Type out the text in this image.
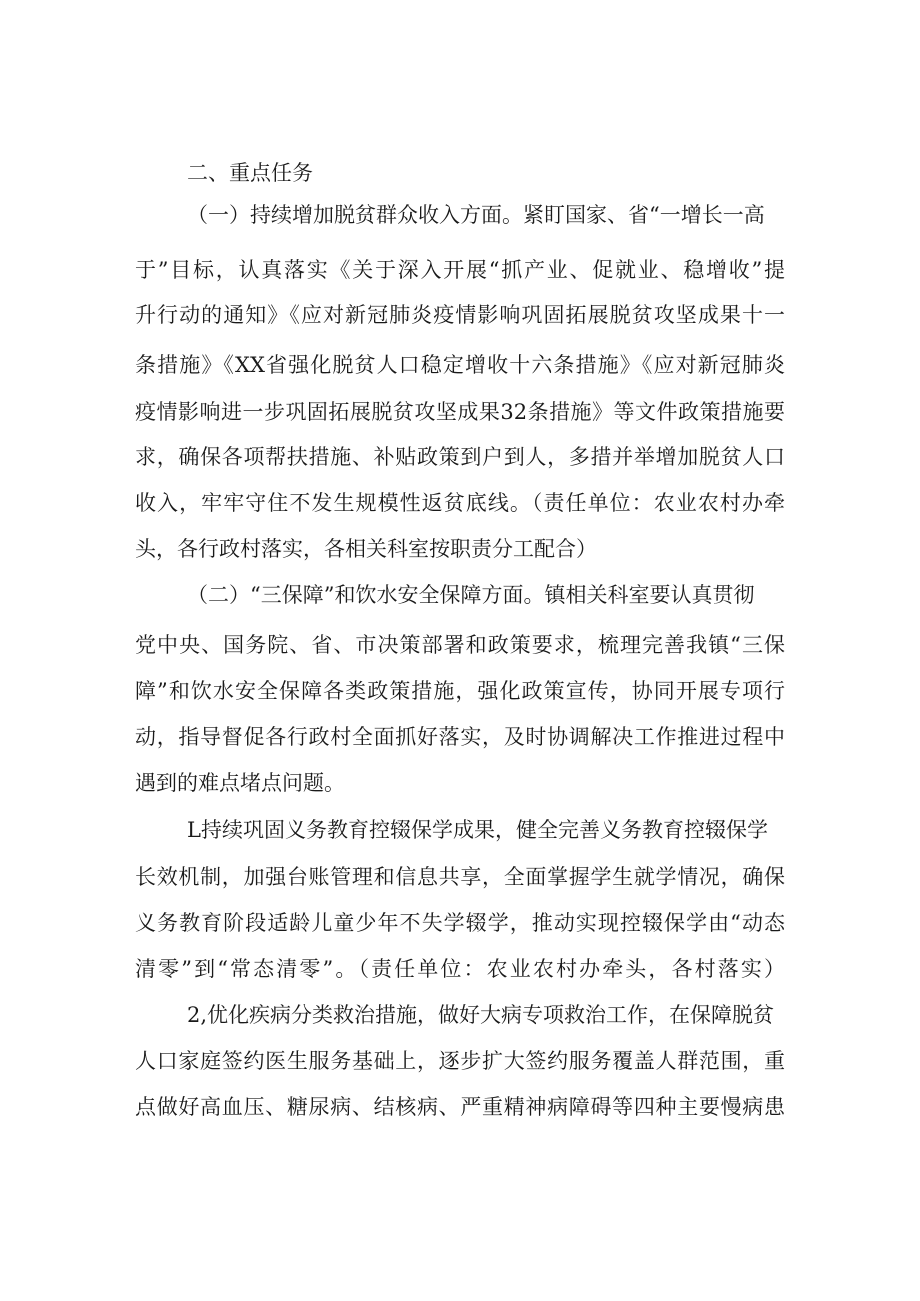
二、重点任务
（一）持续增加脱贫群众收入方面。紧盯国家、省“一增长一高
于”目标，认真落实《关于深入开展“抓产业、促就业、稳增收”提
升行动的通知》《应对新冠肺炎疫情影响巩固拓展脱贫攻坚成果十一
条措施》《XX省强化脱贫人口稳定增收十六条措施》《应对新冠肺炎
疫情影响进一步巩固拓展脱贫攻坚成果32条措施》等文件政策措施要
求，确保各项帮扶措施、补贴政策到户到人，多措并举增加脱贫人口
收入，牢牢守住不发生规模性返贫底线。（责任单位：农业农村办牵
头，各行政村落实，各相关科室按职责分工配合）
（二）“三保障”和饮水安全保障方面。镇相关科室要认真贯彻
党中央、国务院、省、市决策部署和政策要求，梳理完善我镇“三保
障”和饮水安全保障各类政策措施，强化政策宣传，协同开展专项行
动，指导督促各行政村全面抓好落实，及时协调解决工作推进过程中
遇到的难点堵点问题。
L持续巩固义务教育控辍保学成果，健全完善义务教育控辍保学
长效机制，加强台账管理和信息共享，全面掌握学生就学情况，确保
义务教育阶段适龄儿童少年不失学辍学，推动实现控辍保学由“动态
清零”到“常态清零”。（责任单位：农业农村办牵头，各村落实）
2,优化疾病分类救治措施，做好大病专项救治工作，在保障脱贫
人口家庭签约医生服务基础上，逐步扩大签约服务覆盖人群范围，重
点做好高血压、糖尿病、结核病、严重精神病障碍等四种主要慢病患
